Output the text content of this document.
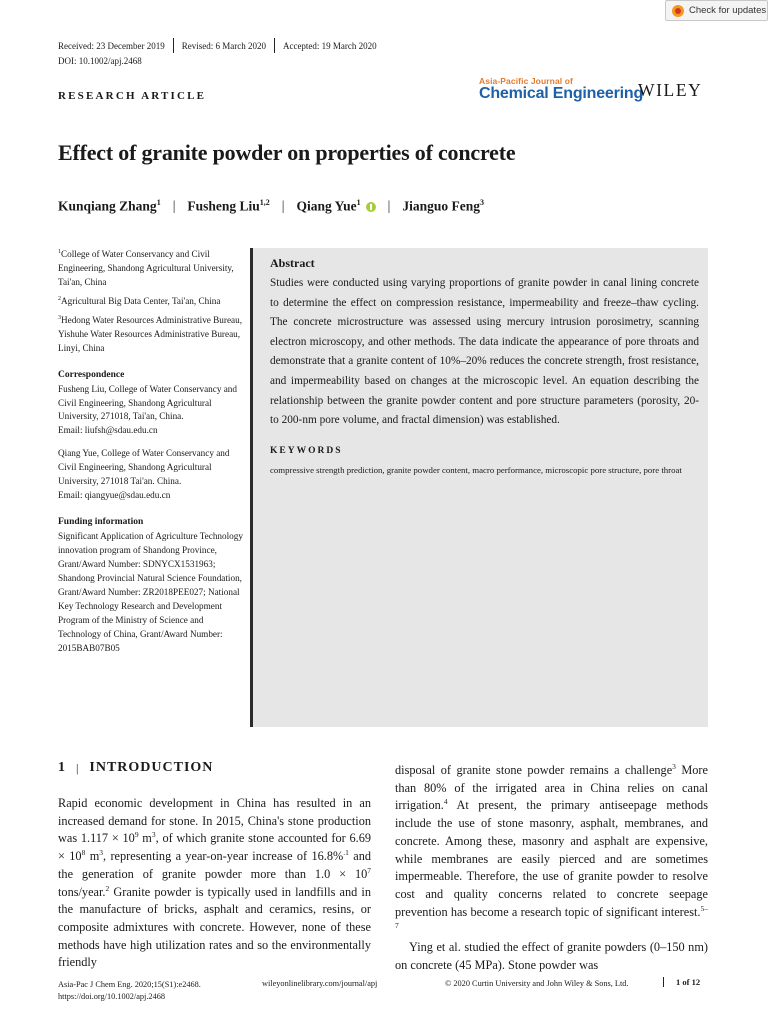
Check for updates
Received: 23 December 2019 Revised: 6 March 2020 Accepted: 19 March 2020
DOI: 10.1002/apj.2468
RESEARCH ARTICLE
Asia-Pacific Journal of
Chemical Engineering
WILEY
Effect of granite powder on properties of concrete
Kunqiang Zhang$^1$ | Fusheng Liu$^{1,2}$ | Qiang Yue$^1$	| Jianguo Feng$^3$

$^1$College of Water Conservancy and Civil Engineering, Shandong Agricultural University, Tai'an, China

$^2$Agricultural Big Data Center, Tai'an, China

$^3$Hedong Water Resources Administrative Bureau, Yishuhe Water Resources Administrative Bureau, Linyi, China

Correspondence
Fusheng Liu, College of Water Conservancy and Civil Engineering, Shandong Agricultural University, 271018, Tai'an, China.
Email: liufsh@sdau.edu.cn
Qiang Yue, College of Water Conservancy and Civil Engineering, Shandong Agricultural University, 271018 Tai'an. China.
Email: qiangyue@sdau.edu.cn
Funding information
Significant Application of Agriculture Technology innovation program of Shandong Province, Grant/Award Number: SDNYCX1531963; Shandong Provincial Natural Science Foundation, Grant/Award Number: ZR2018PEE027; National Key Technology Research and Development Program of the Ministry of Science and Technology of China, Grant/Award Number: 2015BAB07B05
Abstract
Studies were conducted using varying proportions of granite powder in canal lining concrete to determine the effect on compression resistance, impermeability and freeze–thaw cycling. The concrete microstructure was assessed using mercury intrusion porosimetry, scanning electron microscopy, and other methods. The data indicate the appearance of pore throats and demonstrate that a granite content of 10%–20% reduces the concrete strength, frost resistance, and impermeability based on changes at the microscopic level. An equation describing the relationship between the granite powder content and pore structure parameters (porosity, 20- to 200-nm pore volume, and fractal dimension) was established.
KEYWORDS
compressive strength prediction, granite powder content, macro performance, microscopic pore structure, pore throat
1 | INTRODUCTION

Rapid economic development in China has resulted in an increased demand for stone. In 2015, China's stone production was $1.117 \times 10^9$ $m^3$, of which granite stone accounted for $6.69 \times 10^8$ $m^3$, representing a year-on-year increase of 16.8%$^{.1}$ and the generation of granite powder more than $1.0 \times 10^7$ tons/year.$^2$ Granite powder is typically used in landfills and in the manufacture of bricks, asphalt and ceramics, resins, or composite admixtures with concrete. However, none of these methods have high utilization rates and so the environmentally friendly

disposal of granite stone powder remains a challenge$^3$ More than 80% of the irrigated area in China relies on canal irrigation.$^4$ At present, the primary antiseepage methods include the use of stone masonry, asphalt, membranes, and concrete. Among these, masonry and asphalt are expensive, while membranes are easily pierced and are sometimes impermeable. Therefore, the use of granite powder to resolve cost and quality concerns related to concrete seepage prevention has become a research topic of significant interest.$^{5-7}$

Ying et al. studied the effect of granite powders (0–150 nm) on concrete (45 MPa). Stone powder was

Asia-Pac J Chem Eng. 2020;15(S1):e2468.
https://doi.org/10.1002/apj.2468
wileyonlinelibrary.com/journal/apj	© 2020 Curtin University and John Wiley & Sons, Ltd.	1 of 12
